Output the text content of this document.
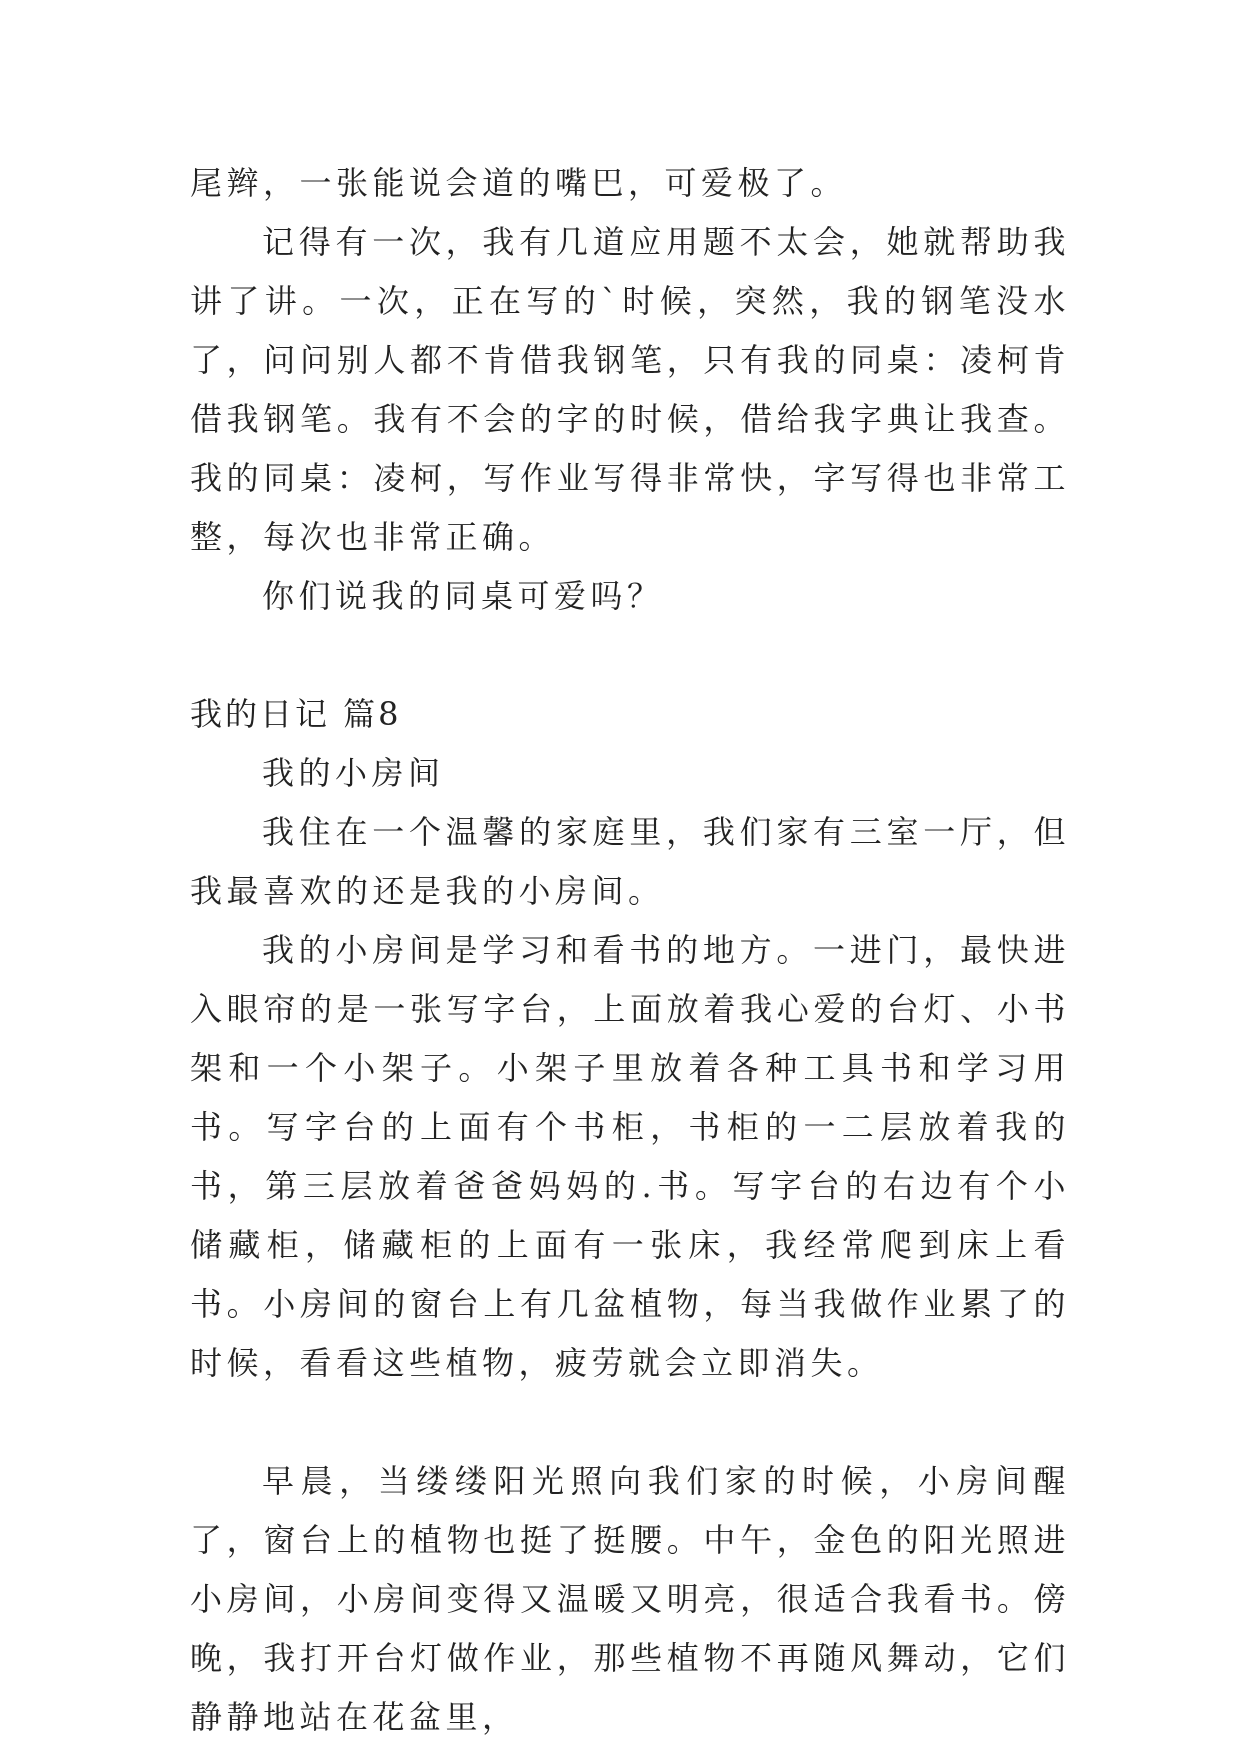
尾辫，一张能说会道的嘴巴，可爱极了。

记得有一次，我有几道应用题不太会，她就帮助我讲了讲。一次，正在写的`时候，突然，我的钢笔没水了，问问别人都不肯借我钢笔，只有我的同桌：凌柯肯借我钢笔。我有不会的字的时候，借给我字典让我查。我的同桌：凌柯，写作业写得非常快，字写得也非常工整，每次也非常正确。

你们说我的同桌可爱吗？

我的日记 篇8

我的小房间

我住在一个温馨的家庭里，我们家有三室一厅，但我最喜欢的还是我的小房间。

我的小房间是学习和看书的地方。一进门，最快进入眼帘的是一张写字台，上面放着我心爱的台灯、小书架和一个小架子。小架子里放着各种工具书和学习用书。写字台的上面有个书柜，书柜的一二层放着我的书，第三层放着爸爸妈妈的.书。写字台的右边有个小储藏柜，储藏柜的上面有一张床，我经常爬到床上看书。小房间的窗台上有几盆植物，每当我做作业累了的时候，看看这些植物，疲劳就会立即消失。

早晨，当缕缕阳光照向我们家的时候，小房间醒了，窗台上的植物也挺了挺腰。中午，金色的阳光照进小房间，小房间变得又温暖又明亮，很适合我看书。傍晚，我打开台灯做作业，那些植物不再随风舞动，它们静静地站在花盆里，
